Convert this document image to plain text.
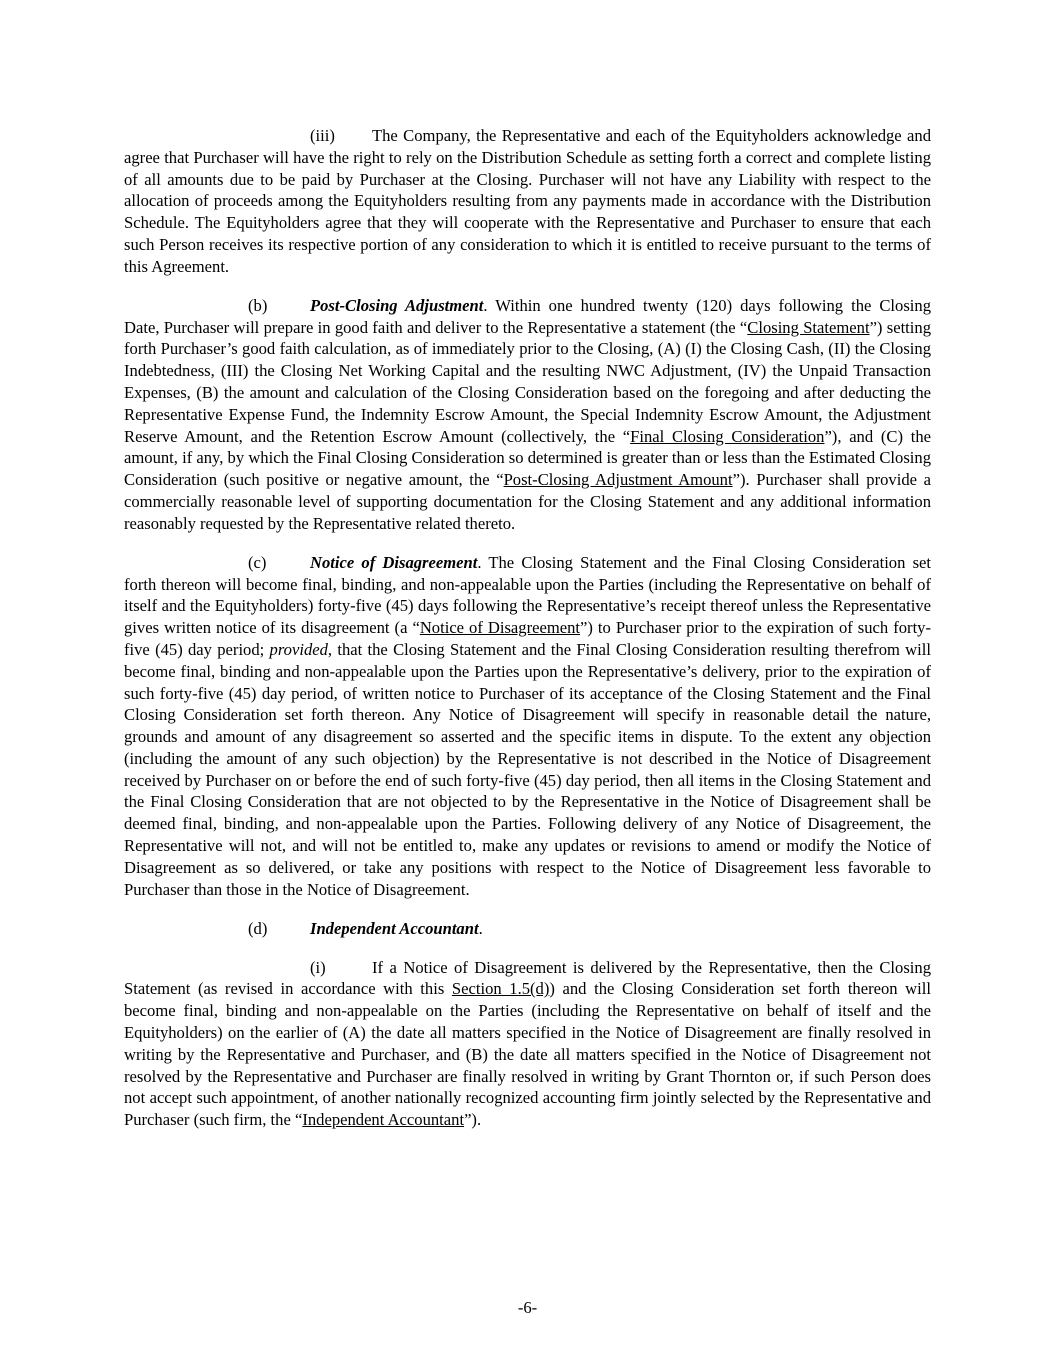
(iii) The Company, the Representative and each of the Equityholders acknowledge and agree that Purchaser will have the right to rely on the Distribution Schedule as setting forth a correct and complete listing of all amounts due to be paid by Purchaser at the Closing. Purchaser will not have any Liability with respect to the allocation of proceeds among the Equityholders resulting from any payments made in accordance with the Distribution Schedule. The Equityholders agree that they will cooperate with the Representative and Purchaser to ensure that each such Person receives its respective portion of any consideration to which it is entitled to receive pursuant to the terms of this Agreement.

(b)	Post-Closing Adjustment. Within one hundred twenty (120) days following the Closing Date, Purchaser will prepare in good faith and deliver to the Representative a statement (the “Closing Statement”) setting forth Purchaser’s good faith calculation, as of immediately prior to the Closing, (A) (I) the Closing Cash, (II) the Closing Indebtedness, (III) the Closing Net Working Capital and the resulting NWC Adjustment, (IV) the Unpaid Transaction Expenses, (B) the amount and calculation of the Closing Consideration based on the foregoing and after deducting the Representative Expense Fund, the Indemnity Escrow Amount, the Special Indemnity Escrow Amount, the Adjustment Reserve Amount, and the Retention Escrow Amount (collectively, the “Final Closing Consideration”), and (C) the amount, if any, by which the Final Closing Consideration so determined is greater than or less than the Estimated Closing Consideration (such positive or negative amount, the “Post-Closing Adjustment Amount”). Purchaser shall provide a commercially reasonable level of supporting documentation for the Closing Statement and any additional information reasonably requested by the Representative related thereto.

(c)	Notice of Disagreement. The Closing Statement and the Final Closing Consideration set forth thereon will become final, binding, and non-appealable upon the Parties (including the Representative on behalf of itself and the Equityholders) forty-five (45) days following the Representative’s receipt thereof unless the Representative gives written notice of its disagreement (a “Notice of Disagreement”) to Purchaser prior to the expiration of such forty-five (45) day period; provided, that the Closing Statement and the Final Closing Consideration resulting therefrom will become final, binding and non-appealable upon the Parties upon the Representative’s delivery, prior to the expiration of such forty-five (45) day period, of written notice to Purchaser of its acceptance of the Closing Statement and the Final Closing Consideration set forth thereon. Any Notice of Disagreement will specify in reasonable detail the nature, grounds and amount of any disagreement so asserted and the specific items in dispute. To the extent any objection (including the amount of any such objection) by the Representative is not described in the Notice of Disagreement received by Purchaser on or before the end of such forty-five (45) day period, then all items in the Closing Statement and the Final Closing Consideration that are not objected to by the Representative in the Notice of Disagreement shall be deemed final, binding, and non-appealable upon the Parties. Following delivery of any Notice of Disagreement, the Representative will not, and will not be entitled to, make any updates or revisions to amend or modify the Notice of Disagreement as so delivered, or take any positions with respect to the Notice of Disagreement less favorable to Purchaser than those in the Notice of Disagreement.

(d)	Independent Accountant.

(i)	If a Notice of Disagreement is delivered by the Representative, then the Closing Statement (as revised in accordance with this Section 1.5(d)) and the Closing Consideration set forth thereon will become final, binding and non-appealable on the Parties (including the Representative on behalf of itself and the Equityholders) on the earlier of (A) the date all matters specified in the Notice of Disagreement are finally resolved in writing by the Representative and Purchaser, and (B) the date all matters specified in the Notice of Disagreement not resolved by the Representative and Purchaser are finally resolved in writing by Grant Thornton or, if such Person does not accept such appointment, of another nationally recognized accounting firm jointly selected by the Representative and Purchaser (such firm, the “Independent Accountant”).

-6-
